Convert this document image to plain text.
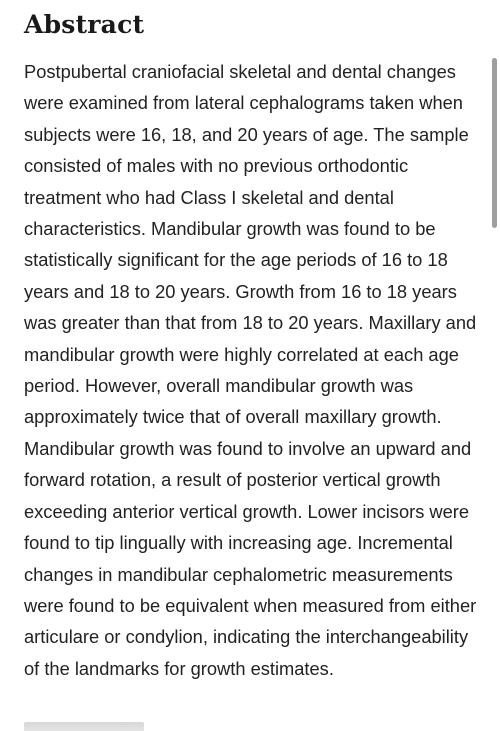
Abstract

Postpubertal craniofacial skeletal and dental changes were examined from lateral cephalograms taken when subjects were 16, 18, and 20 years of age. The sample consisted of males with no previous orthodontic treatment who had Class I skeletal and dental characteristics. Mandibular growth was found to be statistically significant for the age periods of 16 to 18 years and 18 to 20 years. Growth from 16 to 18 years was greater than that from 18 to 20 years. Maxillary and mandibular growth were highly correlated at each age period. However, overall mandibular growth was approximately twice that of overall maxillary growth. Mandibular growth was found to involve an upward and forward rotation, a result of posterior vertical growth exceeding anterior vertical growth. Lower incisors were found to tip lingually with increasing age. Incremental changes in mandibular cephalometric measurements were found to be equivalent when measured from either articulare or condylion, indicating the interchangeability of the landmarks for growth estimates.
